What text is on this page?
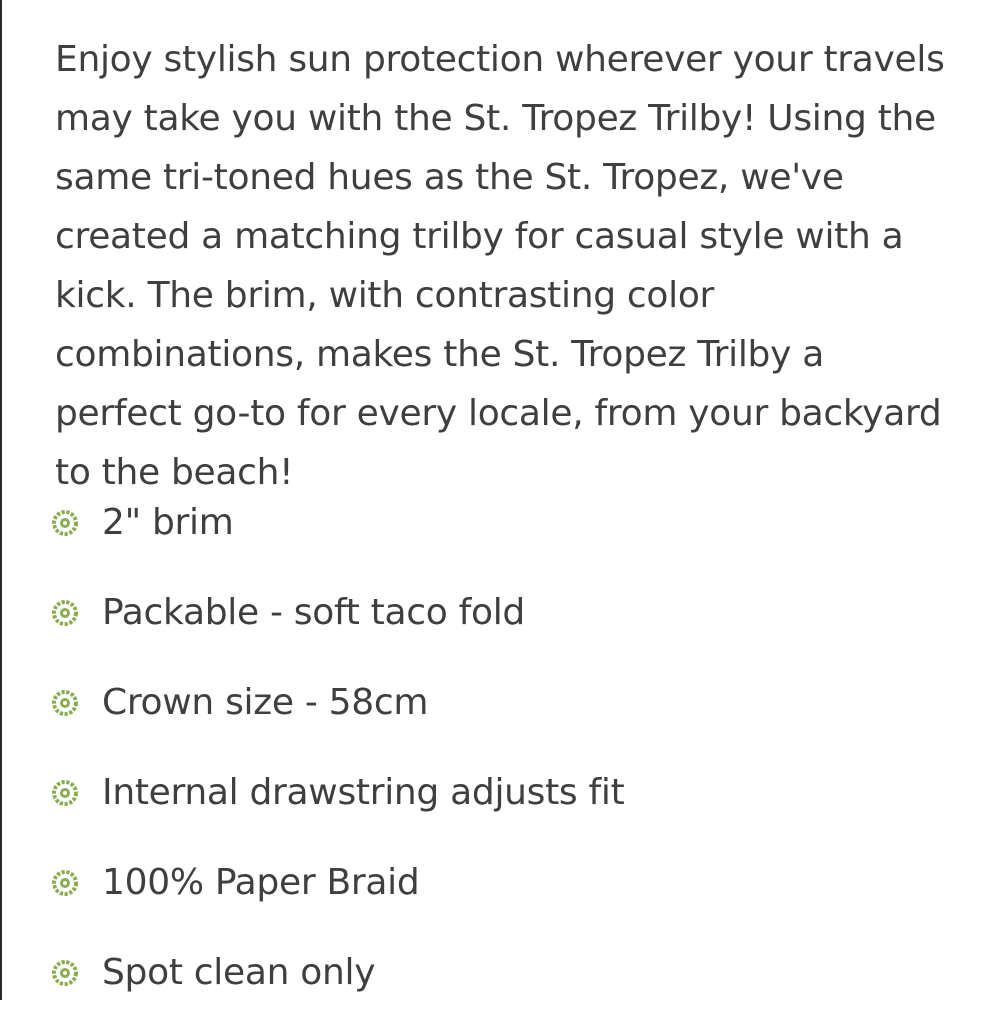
Enjoy stylish sun protection wherever your travels may take you with the St. Tropez Trilby! Using the same tri-toned hues as the St. Tropez, we've created a matching trilby for casual style with a kick. The brim, with contrasting color combinations, makes the St. Tropez Trilby a perfect go-to for every locale, from your backyard to the beach!

2" brim
Packable - soft taco fold
Crown size - 58cm
Internal drawstring adjusts fit
100% Paper Braid
Spot clean only
